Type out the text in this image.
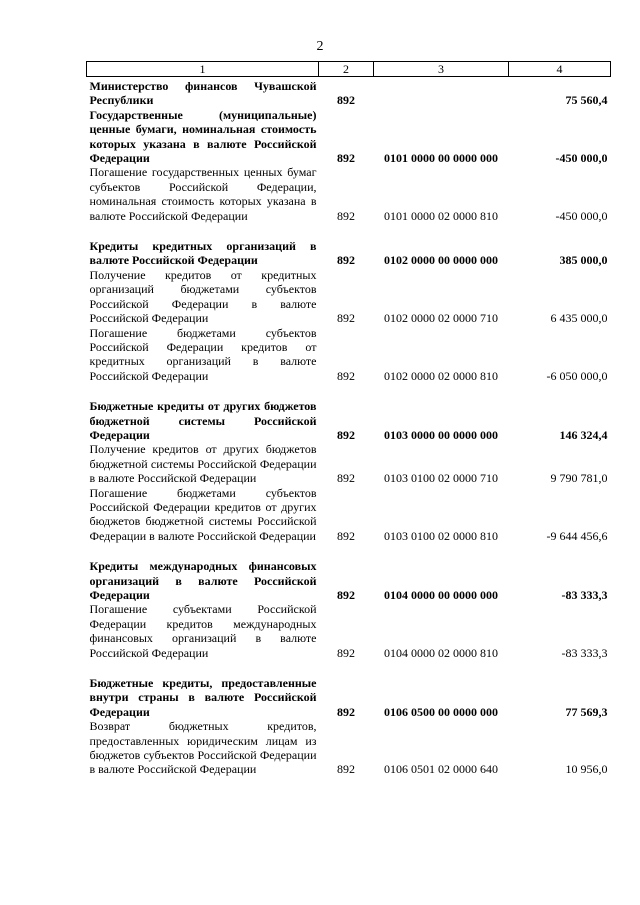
2
1	2	3	4
Министерство финансов Чувашской Республики	892		75 560,4
Государственные (муниципальные) ценные бумаги, номинальная стоимость которых указана в валюте Российской Федерации	892	0101 0000 00 0000 000	-450 000,0
Погашение государственных ценных бумаг субъектов Российской Федерации, номинальная стоимость которых указана в валюте Российской Федерации	892	0101 0000 02 0000 810	-450 000,0

Кредиты кредитных организаций в валюте Российской Федерации	892	0102 0000 00 0000 000	385 000,0
Получение кредитов от кредитных организаций бюджетами субъектов Российской Федерации в валюте Российской Федерации	892	0102 0000 02 0000 710	6 435 000,0
Погашение бюджетами субъектов Российской Федерации кредитов от кредитных организаций в валюте Российской Федерации	892	0102 0000 02 0000 810	-6 050 000,0

Бюджетные кредиты от других бюджетов бюджетной системы Российской Федерации	892	0103 0000 00 0000 000	146 324,4
Получение кредитов от других бюджетов бюджетной системы Российской Федерации в валюте Российской Федерации	892	0103 0100 02 0000 710	9 790 781,0
Погашение бюджетами субъектов Российской Федерации кредитов от других бюджетов бюджетной системы Российской Федерации в валюте Российской Федерации	892	0103 0100 02 0000 810	-9 644 456,6

Кредиты международных финансовых организаций в валюте Российской Федерации	892	0104 0000 00 0000 000	-83 333,3
Погашение субъектами Российской Федерации кредитов международных финансовых организаций в валюте Российской Федерации	892	0104 0000 02 0000 810	-83 333,3

Бюджетные кредиты, предоставленные внутри страны в валюте Российской Федерации	892	0106 0500 00 0000 000	77 569,3
Возврат бюджетных кредитов, предоставленных юридическим лицам из бюджетов субъектов Российской Федерации в валюте Российской Федерации	892	0106 0501 02 0000 640	10 956,0
